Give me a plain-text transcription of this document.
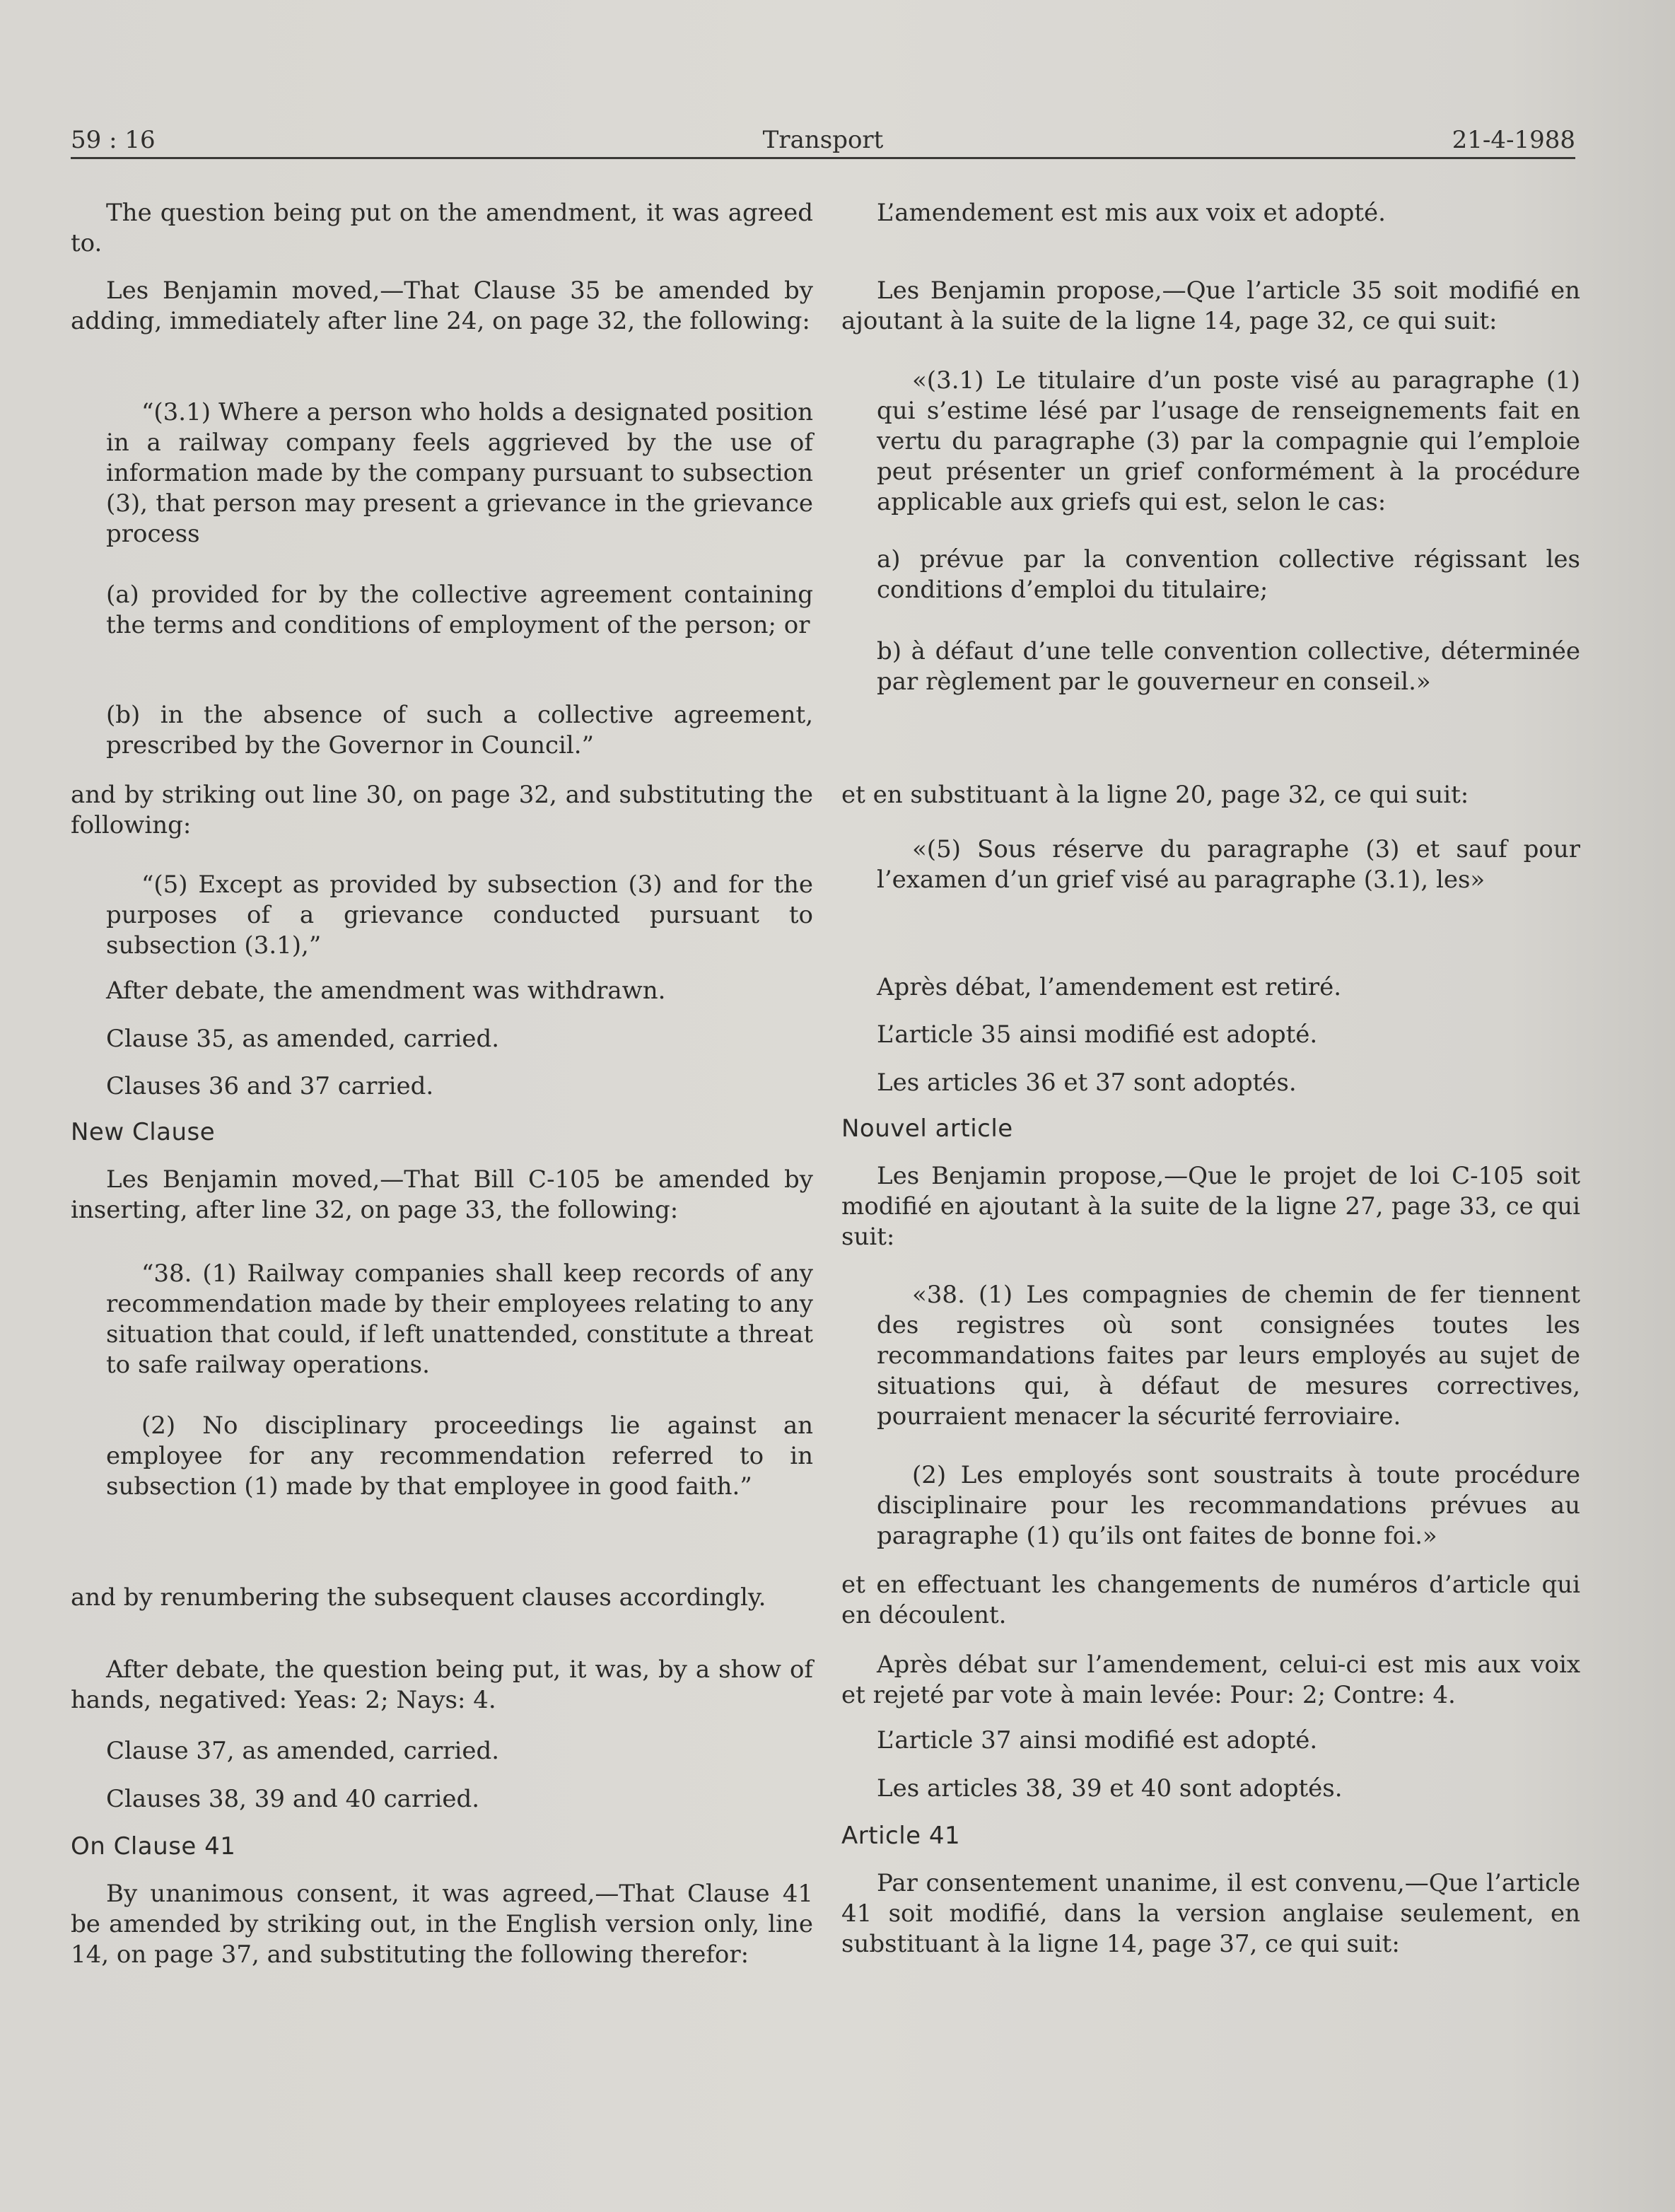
59 : 16	Transport	21-4-1988

The question being put on the amendment, it was agreed to.

Les Benjamin moved,—That Clause 35 be amended by adding, immediately after line 24, on page 32, the following:

“(3.1) Where a person who holds a designated position in a railway company feels aggrieved by the use of information made by the company pursuant to subsection (3), that person may present a grievance in the grievance process

(a) provided for by the collective agreement containing the terms and conditions of employment of the person; or

(b) in the absence of such a collective agreement, prescribed by the Governor in Council.”

and by striking out line 30, on page 32, and substituting the following:

“(5) Except as provided by subsection (3) and for the purposes of a grievance conducted pursuant to subsection (3.1),”

After debate, the amendment was withdrawn.

Clause 35, as amended, carried.

Clauses 36 and 37 carried.

New Clause

Les Benjamin moved,—That Bill C-105 be amended by inserting, after line 32, on page 33, the following:

“38. (1) Railway companies shall keep records of any recommendation made by their employees relating to any situation that could, if left unattended, constitute a threat to safe railway operations.

(2) No disciplinary proceedings lie against an employee for any recommendation referred to in subsection (1) made by that employee in good faith.”

and by renumbering the subsequent clauses accordingly.

After debate, the question being put, it was, by a show of hands, negatived: Yeas: 2; Nays: 4.

Clause 37, as amended, carried.

Clauses 38, 39 and 40 carried.

On Clause 41

By unanimous consent, it was agreed,—That Clause 41 be amended by striking out, in the English version only, line 14, on page 37, and substituting the following therefor:

L’amendement est mis aux voix et adopté.

Les Benjamin propose,—Que l’article 35 soit modifié en ajoutant à la suite de la ligne 14, page 32, ce qui suit:

«(3.1) Le titulaire d’un poste visé au paragraphe (1) qui s’estime lésé par l’usage de renseignements fait en vertu du paragraphe (3) par la compagnie qui l’emploie peut présenter un grief conformément à la procédure applicable aux griefs qui est, selon le cas:

a) prévue par la convention collective régissant les conditions d’emploi du titulaire;

b) à défaut d’une telle convention collective, déterminée par règlement par le gouverneur en conseil.»

et en substituant à la ligne 20, page 32, ce qui suit:

«(5) Sous réserve du paragraphe (3) et sauf pour l’examen d’un grief visé au paragraphe (3.1), les»

Après débat, l’amendement est retiré.

L’article 35 ainsi modifié est adopté.

Les articles 36 et 37 sont adoptés.

Nouvel article

Les Benjamin propose,—Que le projet de loi C-105 soit modifié en ajoutant à la suite de la ligne 27, page 33, ce qui suit:

«38. (1) Les compagnies de chemin de fer tiennent des registres où sont consignées toutes les recommandations faites par leurs employés au sujet de situations qui, à défaut de mesures correctives, pourraient menacer la sécurité ferroviaire.

(2) Les employés sont soustraits à toute procédure disciplinaire pour les recommandations prévues au paragraphe (1) qu’ils ont faites de bonne foi.»

et en effectuant les changements de numéros d’article qui en découlent.

Après débat sur l’amendement, celui-ci est mis aux voix et rejeté par vote à main levée: Pour: 2; Contre: 4.

L’article 37 ainsi modifié est adopté.

Les articles 38, 39 et 40 sont adoptés.

Article 41

Par consentement unanime, il est convenu,—Que l’article 41 soit modifié, dans la version anglaise seulement, en substituant à la ligne 14, page 37, ce qui suit:
